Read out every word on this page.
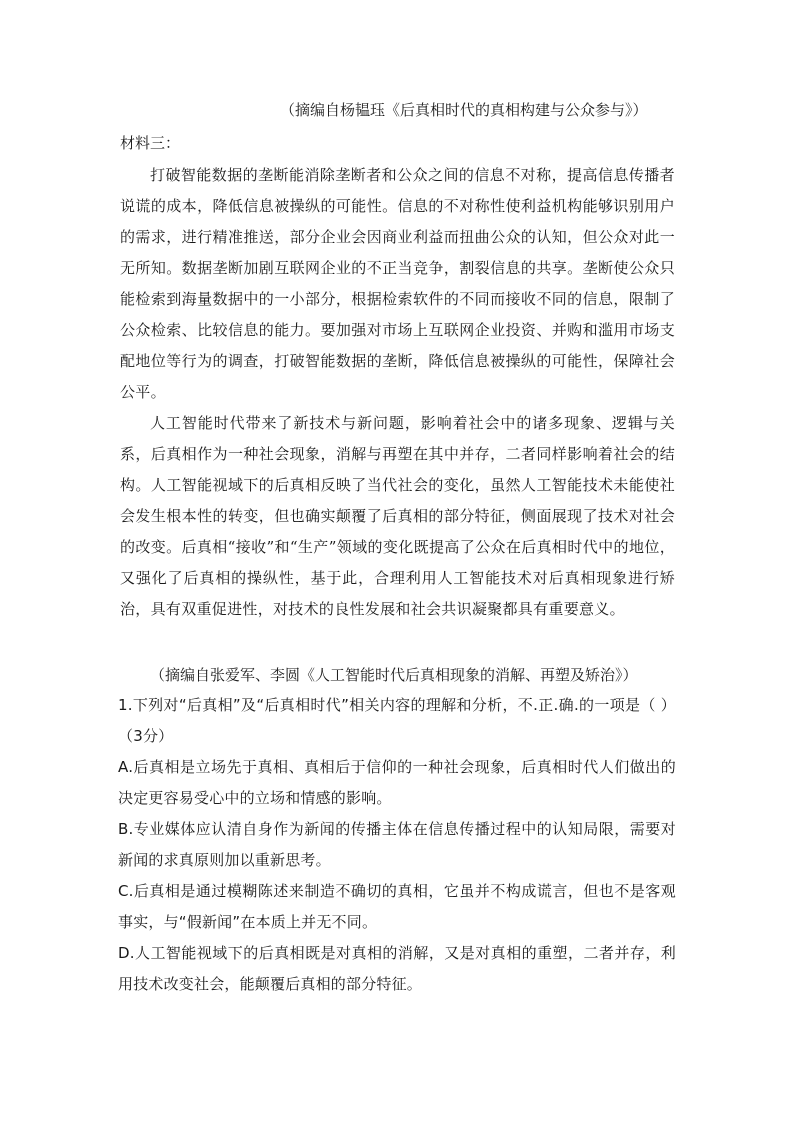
（摘编自杨韫珏《后真相时代的真相构建与公众参与》）
材料三：
打破智能数据的垄断能消除垄断者和公众之间的信息不对称，提高信息传播者说谎的成本，降低信息被操纵的可能性。信息的不对称性使利益机构能够识别用户的需求，进行精准推送，部分企业会因商业利益而扭曲公众的认知，但公众对此一无所知。数据垄断加剧互联网企业的不正当竞争，割裂信息的共享。垄断使公众只能检索到海量数据中的一小部分，根据检索软件的不同而接收不同的信息，限制了公众检索、比较信息的能力。要加强对市场上互联网企业投资、并购和滥用市场支配地位等行为的调查，打破智能数据的垄断，降低信息被操纵的可能性，保障社会公平。
人工智能时代带来了新技术与新问题，影响着社会中的诸多现象、逻辑与关系，后真相作为一种社会现象，消解与再塑在其中并存，二者同样影响着社会的结构。人工智能视域下的后真相反映了当代社会的变化，虽然人工智能技术未能使社会发生根本性的转变，但也确实颠覆了后真相的部分特征，侧面展现了技术对社会的改变。后真相“接收”和“生产”领域的变化既提高了公众在后真相时代中的地位，又强化了后真相的操纵性，基于此，合理利用人工智能技术对后真相现象进行矫治，具有双重促进性，对技术的良性发展和社会共识凝聚都具有重要意义。
（摘编自张爱军、李圆《人工智能时代后真相现象的消解、再塑及矫治》）
1.下列对“后真相”及“后真相时代”相关内容的理解和分析，不.正.确.的一项是（ ）（3分）
A.后真相是立场先于真相、真相后于信仰的一种社会现象，后真相时代人们做出的决定更容易受心中的立场和情感的影响。
B.专业媒体应认清自身作为新闻的传播主体在信息传播过程中的认知局限，需要对新闻的求真原则加以重新思考。
C.后真相是通过模糊陈述来制造不确切的真相，它虽并不构成谎言，但也不是客观事实，与“假新闻”在本质上并无不同。
D.人工智能视域下的后真相既是对真相的消解，又是对真相的重塑，二者并存，利用技术改变社会，能颠覆后真相的部分特征。
